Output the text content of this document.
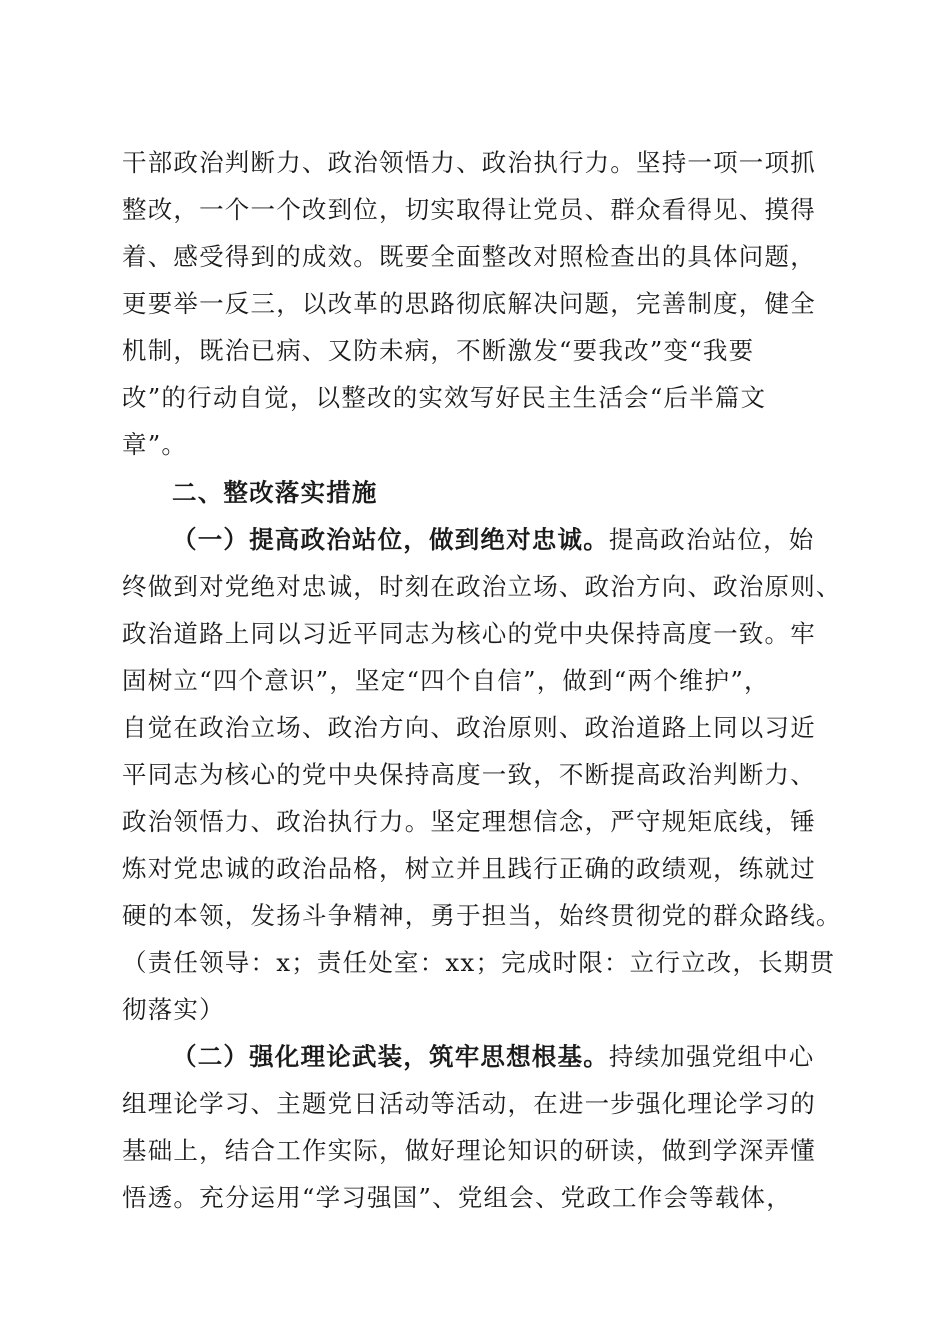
干部政治判断力、政治领悟力、政治执行力。坚持一项一项抓
整改，一个一个改到位，切实取得让党员、群众看得见、摸得
着、感受得到的成效。既要全面整改对照检查出的具体问题，
更要举一反三，以改革的思路彻底解决问题，完善制度，健全
机制，既治已病、又防未病，不断激发“要我改”变“我要
改”的行动自觉，以整改的实效写好民主生活会“后半篇文
章”。
二、整改落实措施
（一）提高政治站位，做到绝对忠诚。提高政治站位，始
终做到对党绝对忠诚，时刻在政治立场、政治方向、政治原则、
政治道路上同以习近平同志为核心的党中央保持高度一致。牢
固树立“四个意识”，坚定“四个自信”，做到“两个维护”，
自觉在政治立场、政治方向、政治原则、政治道路上同以习近
平同志为核心的党中央保持高度一致，不断提高政治判断力、
政治领悟力、政治执行力。坚定理想信念，严守规矩底线，锤
炼对党忠诚的政治品格，树立并且践行正确的政绩观，练就过
硬的本领，发扬斗争精神，勇于担当，始终贯彻党的群众路线。
（责任领导：x；责任处室：xx；完成时限：立行立改，长期贯
彻落实）
（二）强化理论武装，筑牢思想根基。持续加强党组中心
组理论学习、主题党日活动等活动，在进一步强化理论学习的
基础上，结合工作实际，做好理论知识的研读，做到学深弄懂
悟透。充分运用“学习强国”、党组会、党政工作会等载体，
